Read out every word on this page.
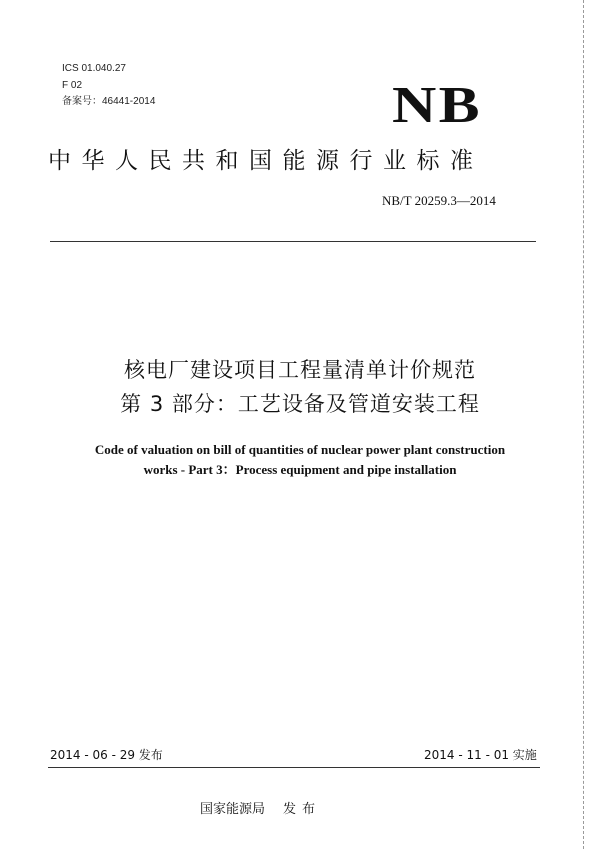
ICS 01.040.27
F 02
备案号：46441-2014	NB
中华人民共和国能源行业标准
NB/T 20259.3—2014
核电厂建设项目工程量清单计价规范
第 3 部分：工艺设备及管道安装工程
Code of valuation on bill of quantities of nuclear power plant construction
works - Part 3：Process equipment and pipe installation
2014 - 06 - 29 发布	2014 - 11 - 01 实施
国家能源局 发布
